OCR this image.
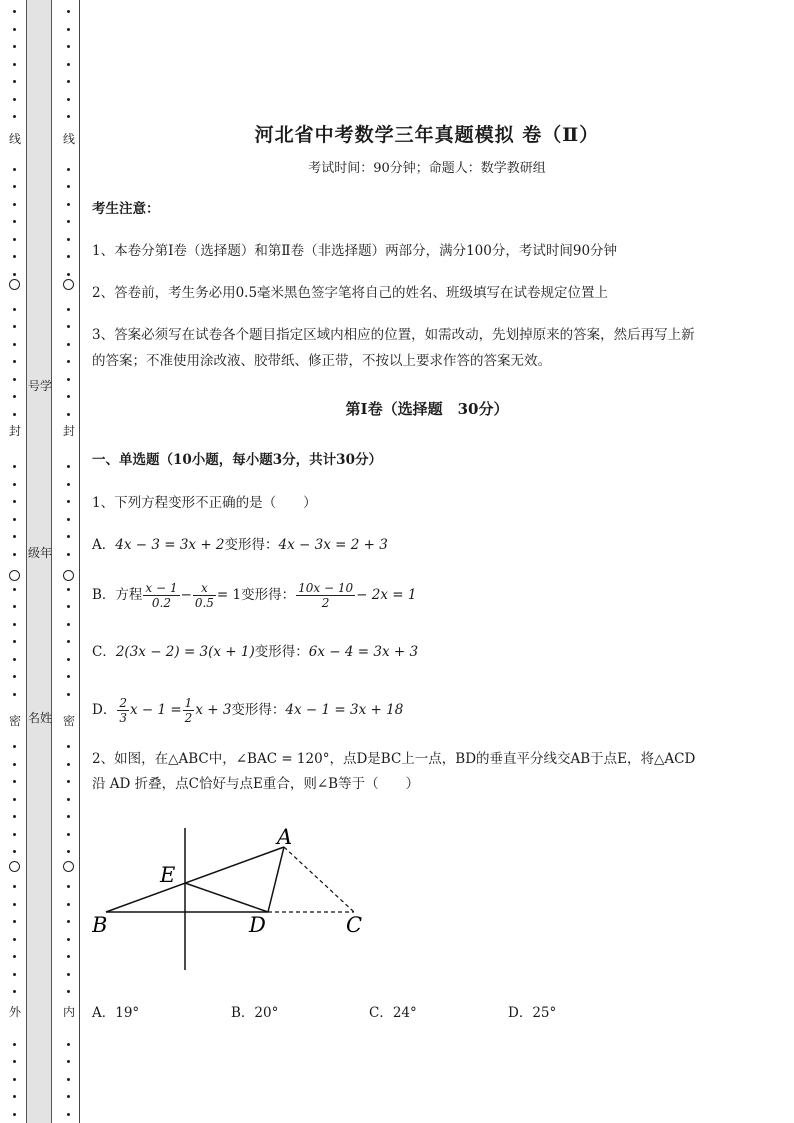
线
封
密
外
号学
级年
名姓
线
封
密
内
河北省中考数学三年真题模拟 卷（Ⅱ）
考试时间：90分钟；命题人：数学教研组
考生注意：
1、本卷分第Ⅰ卷（选择题）和第Ⅱ卷（非选择题）两部分，满分100分，考试时间90分钟
2、答卷前，考生务必用0.5毫米黑色签字笔将自己的姓名、班级填写在试卷规定位置上
3、答案必须写在试卷各个题目指定区域内相应的位置，如需改动，先划掉原来的答案，然后再写上新
的答案；不准使用涂改液、胶带纸、修正带，不按以上要求作答的答案无效。
第Ⅰ卷（选择题　30分）
一、单选题（10小题，每小题3分，共计30分）
1、下列方程变形不正确的是（　　）
A．4x − 3 = 3x + 2变形得：4x − 3x = 2 + 3
B．方程 $\frac{x - 1}{0.2} - \frac{x}{0.5} = 1$变形得： $\frac{10x - 10}{2} - 2x = 1$
C．2(3x − 2) = 3(x + 1)变形得：6x − 4 = 3x + 3
D． $\frac{2}{3}$ $x - 1 = \frac{1}{2}$ x + 3变形得：4x − 1 = 3x + 18
2、如图，在△ABC中，∠BAC = 120°，点D是BC上一点，BD的垂直平分线交AB于点E，将△ACD
沿 AD 折叠，点C恰好与点E重合，则∠B等于（　　）
A
B	C
D
E
A．19°	B．20°	C．24°	D．25°
